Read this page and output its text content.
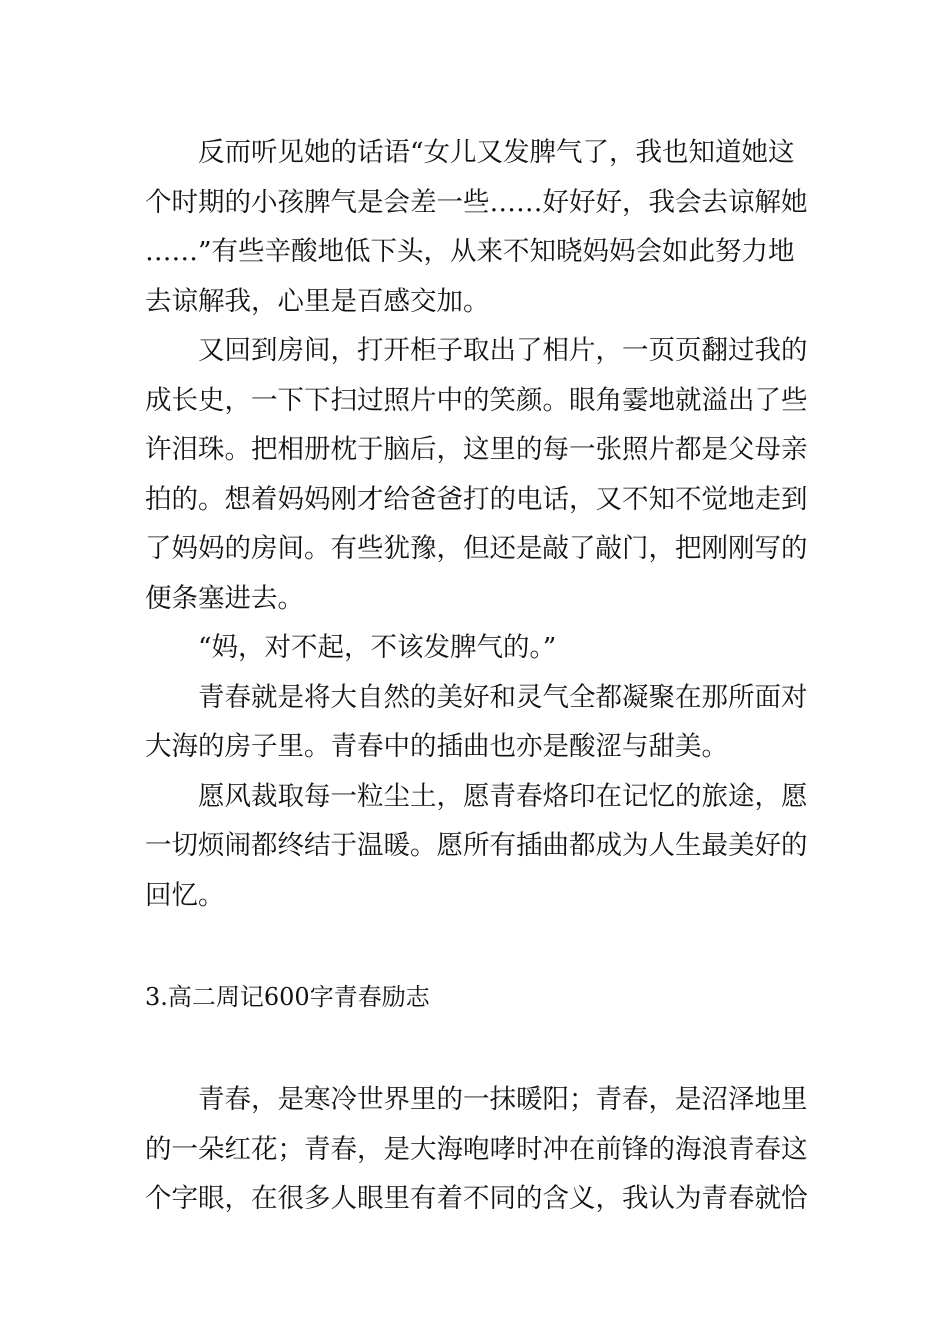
反而听见她的话语“女儿又发脾气了，我也知道她这
个时期的小孩脾气是会差一些……好好好，我会去谅解她
……”有些辛酸地低下头，从来不知晓妈妈会如此努力地
去谅解我，心里是百感交加。
又回到房间，打开柜子取出了相片，一页页翻过我的
成长史，一下下扫过照片中的笑颜。眼角霎地就溢出了些
许泪珠。把相册枕于脑后，这里的每一张照片都是父母亲
拍的。想着妈妈刚才给爸爸打的电话，又不知不觉地走到
了妈妈的房间。有些犹豫，但还是敲了敲门，把刚刚写的
便条塞进去。
“妈，对不起，不该发脾气的。”
青春就是将大自然的美好和灵气全都凝聚在那所面对
大海的房子里。青春中的插曲也亦是酸涩与甜美。
愿风裁取每一粒尘土，愿青春烙印在记忆的旅途，愿
一切烦闹都终结于温暖。愿所有插曲都成为人生最美好的
回忆。
3.高二周记600字青春励志
青春，是寒冷世界里的一抹暖阳；青春，是沼泽地里
的一朵红花；青春，是大海咆哮时冲在前锋的海浪青春这
个字眼，在很多人眼里有着不同的含义，我认为青春就恰
